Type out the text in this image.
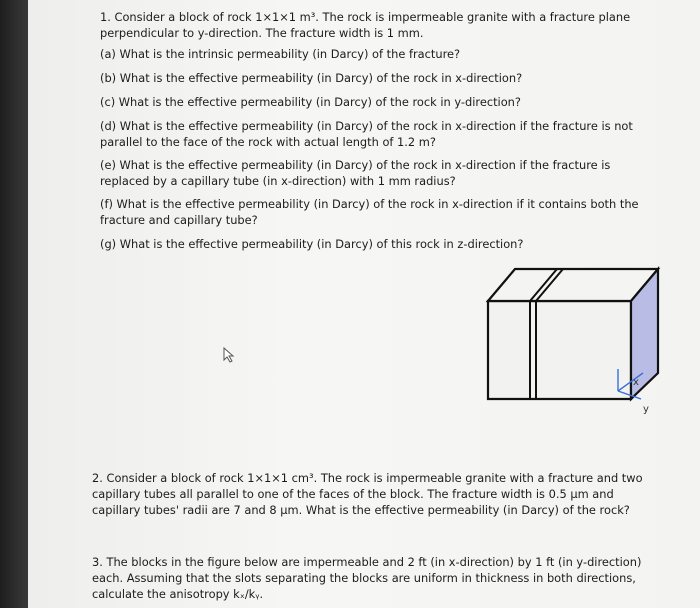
1. Consider a block of rock 1×1×1 m³. The rock is impermeable granite with a fracture plane

perpendicular to y-direction. The fracture width is 1 mm.

(a) What is the intrinsic permeability (in Darcy) of the fracture?

(b) What is the effective permeability (in Darcy) of the rock in x-direction?

(c) What is the effective permeability (in Darcy) of the rock in y-direction?

(d) What is the effective permeability (in Darcy) of the rock in x-direction if the fracture is not

parallel to the face of the rock with actual length of 1.2 m?

(e) What is the effective permeability (in Darcy) of the rock in x-direction if the fracture is

replaced by a capillary tube (in x-direction) with 1 mm radius?

(f) What is the effective permeability (in Darcy) of the rock in x-direction if it contains both the

fracture and capillary tube?

(g) What is the effective permeability (in Darcy) of this rock in z-direction?

x
y

2. Consider a block of rock 1×1×1 cm³. The rock is impermeable granite with a fracture and two

capillary tubes all parallel to one of the faces of the block. The fracture width is 0.5 μm and

capillary tubes' radii are 7 and 8 μm. What is the effective permeability (in Darcy) of the rock?

3. The blocks in the figure below are impermeable and 2 ft (in x-direction) by 1 ft (in y-direction)

each. Assuming that the slots separating the blocks are uniform in thickness in both directions,

calculate the anisotropy kₓ/kᵧ.
